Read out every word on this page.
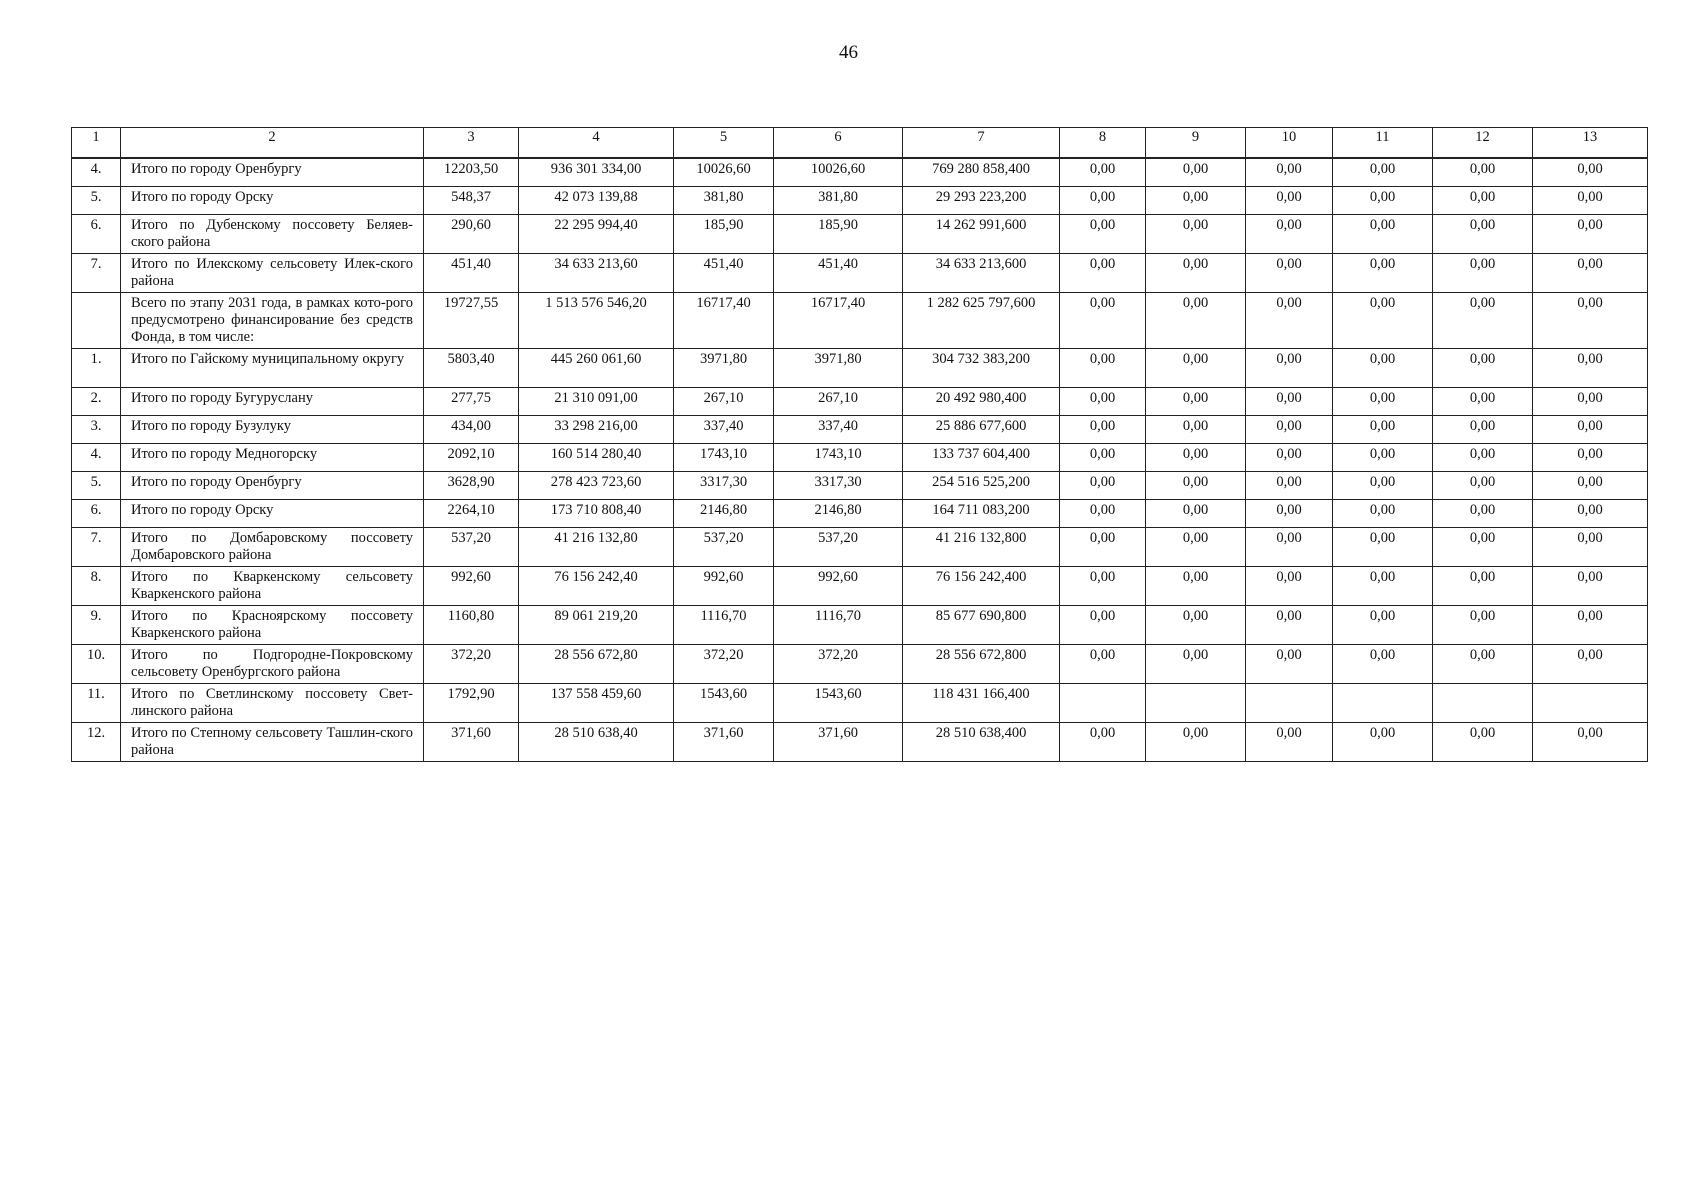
46
1	2	3	4	5	6	7	8	9	10	11	12	13
4.	Итого по городу Оренбургу	12203,50	936 301 334,00	10026,60	10026,60	769 280 858,400	0,00	0,00	0,00	0,00	0,00	0,00
5.	Итого по городу Орску	548,37	42 073 139,88	381,80	381,80	29 293 223,200	0,00	0,00	0,00	0,00	0,00	0,00
6.	Итого по Дубенскому поссовету Беляев-ского района	290,60	22 295 994,40	185,90	185,90	14 262 991,600	0,00	0,00	0,00	0,00	0,00	0,00
7.	Итого по Илекскому сельсовету Илек-ского района	451,40	34 633 213,60	451,40	451,40	34 633 213,600	0,00	0,00	0,00	0,00	0,00	0,00
	Всего по этапу 2031 года, в рамках кото-рого предусмотрено финансирование без средств Фонда, в том числе:	19727,55	1 513 576 546,20	16717,40	16717,40	1 282 625 797,600	0,00	0,00	0,00	0,00	0,00	0,00
1.	Итого по Гайскому муниципальному округу	5803,40	445 260 061,60	3971,80	3971,80	304 732 383,200	0,00	0,00	0,00	0,00	0,00	0,00
2.	Итого по городу Бугуруслану	277,75	21 310 091,00	267,10	267,10	20 492 980,400	0,00	0,00	0,00	0,00	0,00	0,00
3.	Итого по городу Бузулуку	434,00	33 298 216,00	337,40	337,40	25 886 677,600	0,00	0,00	0,00	0,00	0,00	0,00
4.	Итого по городу Медногорску	2092,10	160 514 280,40	1743,10	1743,10	133 737 604,400	0,00	0,00	0,00	0,00	0,00	0,00
5.	Итого по городу Оренбургу	3628,90	278 423 723,60	3317,30	3317,30	254 516 525,200	0,00	0,00	0,00	0,00	0,00	0,00
6.	Итого по городу Орску	2264,10	173 710 808,40	2146,80	2146,80	164 711 083,200	0,00	0,00	0,00	0,00	0,00	0,00
7.	Итого по Домбаровскому поссовету Домбаровского района	537,20	41 216 132,80	537,20	537,20	41 216 132,800	0,00	0,00	0,00	0,00	0,00	0,00
8.	Итого по Кваркенскому сельсовету Кваркенского района	992,60	76 156 242,40	992,60	992,60	76 156 242,400	0,00	0,00	0,00	0,00	0,00	0,00
9.	Итого по Красноярскому поссовету Кваркенского района	1160,80	89 061 219,20	1116,70	1116,70	85 677 690,800	0,00	0,00	0,00	0,00	0,00	0,00
10.	Итого по Подгородне-Покровскому сельсовету Оренбургского района	372,20	28 556 672,80	372,20	372,20	28 556 672,800	0,00	0,00	0,00	0,00	0,00	0,00
11.	Итого по Светлинскому поссовету Свет-линского района	1792,90	137 558 459,60	1543,60	1543,60	118 431 166,400						
12.	Итого по Степному сельсовету Ташлин-ского района	371,60	28 510 638,40	371,60	371,60	28 510 638,400	0,00	0,00	0,00	0,00	0,00	0,00
